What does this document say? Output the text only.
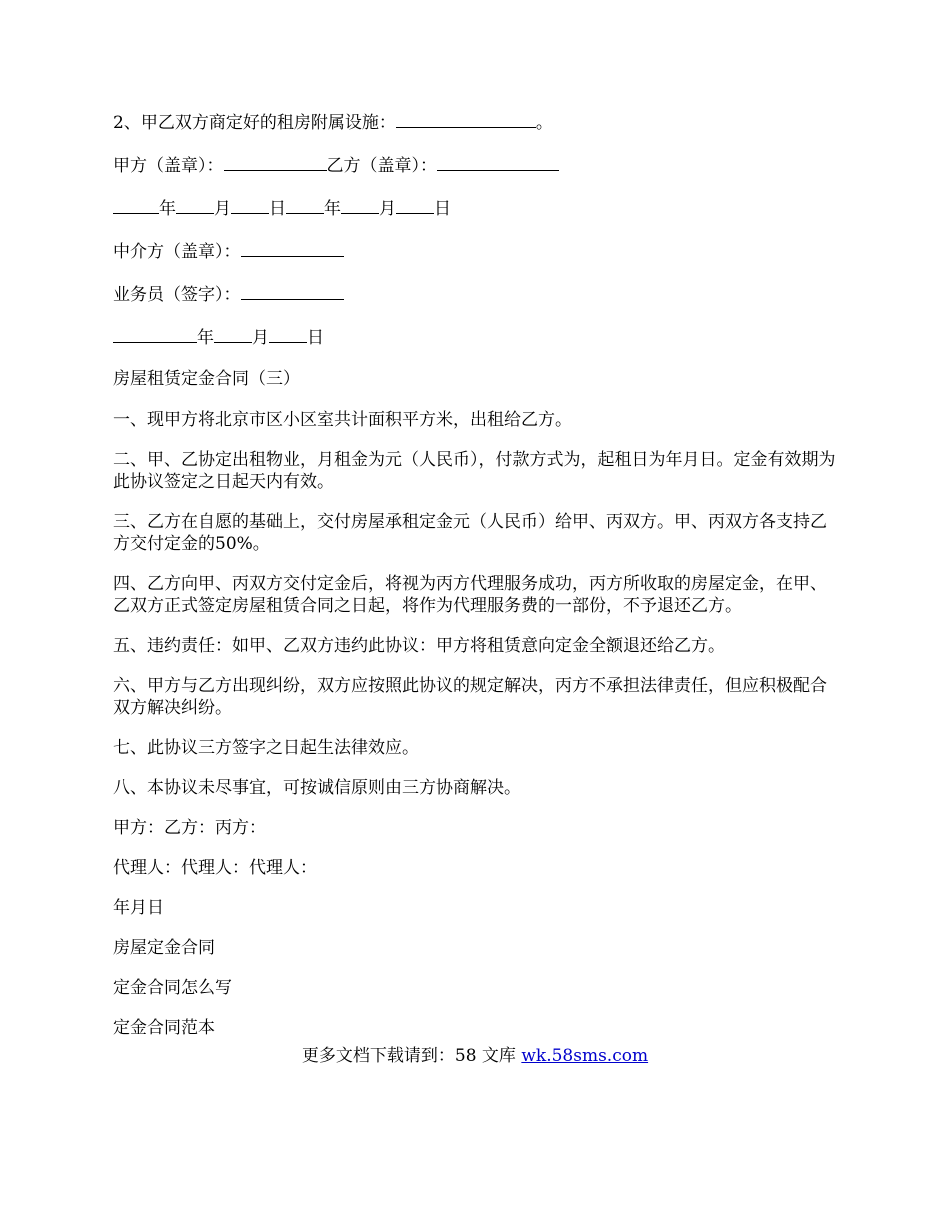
2、甲乙双方商定好的租房附属设施：	。

甲方（盖章）：	乙方（盖章）：

年 月 日 年 月 日

中介方（盖章）：

业务员（签字）：

年 月 日

房屋租赁定金合同（三）

一、现甲方将北京市区小区室共计面积平方米，出租给乙方。

二、甲、乙协定出租物业，月租金为元（人民币），付款方式为，起租日为年月日。定金有效期为此协议签定之日起天内有效。

三、乙方在自愿的基础上，交付房屋承租定金元（人民币）给甲、丙双方。甲、丙双方各支持乙方交付定金的50%。

四、乙方向甲、丙双方交付定金后，将视为丙方代理服务成功，丙方所收取的房屋定金，在甲、乙双方正式签定房屋租赁合同之日起，将作为代理服务费的一部份，不予退还乙方。

五、违约责任：如甲、乙双方违约此协议：甲方将租赁意向定金全额退还给乙方。

六、甲方与乙方出现纠纷，双方应按照此协议的规定解决，丙方不承担法律责任，但应积极配合双方解决纠纷。

七、此协议三方签字之日起生法律效应。

八、本协议未尽事宜，可按诚信原则由三方协商解决。

甲方：乙方：丙方：

代理人：代理人：代理人：

年月日

房屋定金合同

定金合同怎么写

定金合同范本

更多文档下载请到：58 文库 wk.58sms.com
